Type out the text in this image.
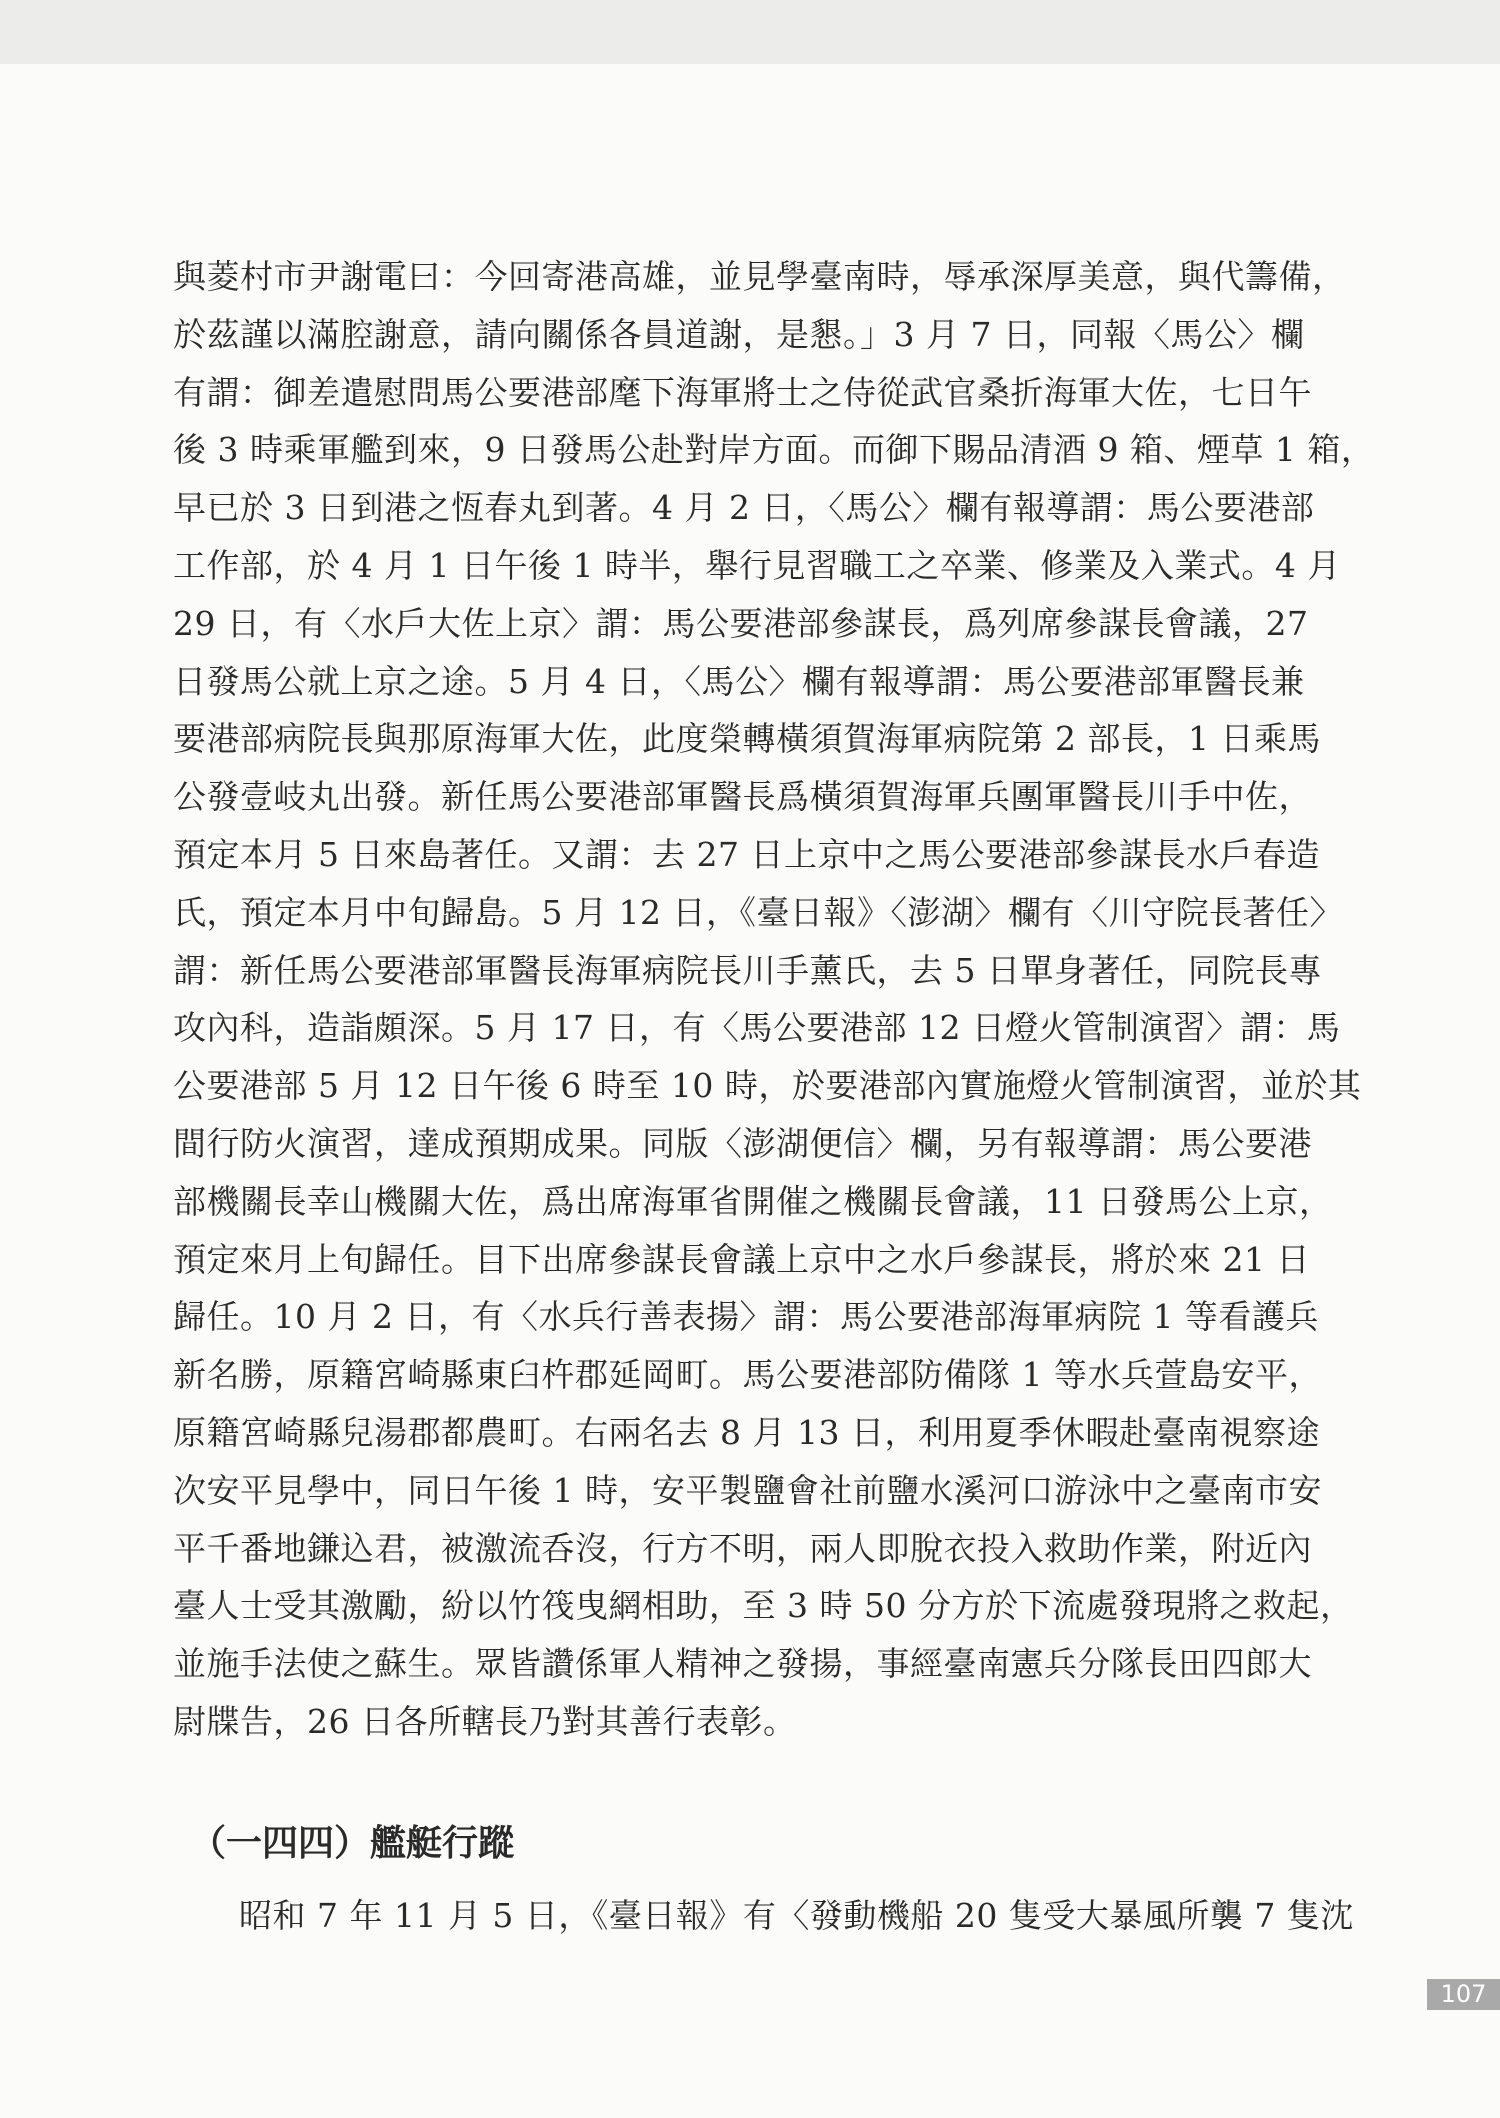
與菱村市尹謝電曰：今回寄港高雄，並見學臺南時，辱承深厚美意，與代籌備，
於茲謹以滿腔謝意，請向關係各員道謝，是懇。」3 月 7 日，同報〈馬公〉欄
有謂：御差遣慰問馬公要港部麾下海軍將士之侍從武官桑折海軍大佐，七日午
後 3 時乘軍艦到來，9 日發馬公赴對岸方面。而御下賜品清酒 9 箱、煙草 1 箱，
早已於 3 日到港之恆春丸到著。4 月 2 日，〈馬公〉欄有報導謂：馬公要港部
工作部，於 4 月 1 日午後 1 時半，舉行見習職工之卒業、修業及入業式。4 月
29 日，有〈水戶大佐上京〉謂：馬公要港部參謀長，爲列席參謀長會議，27
日發馬公就上京之途。5 月 4 日，〈馬公〉欄有報導謂：馬公要港部軍醫長兼
要港部病院長與那原海軍大佐，此度榮轉橫須賀海軍病院第 2 部長，1 日乘馬
公發壹岐丸出發。新任馬公要港部軍醫長爲橫須賀海軍兵團軍醫長川手中佐，
預定本月 5 日來島著任。又謂：去 27 日上京中之馬公要港部參謀長水戶春造
氏，預定本月中旬歸島。5 月 12 日，《臺日報》〈澎湖〉欄有〈川守院長著任〉
謂：新任馬公要港部軍醫長海軍病院長川手薰氏，去 5 日單身著任，同院長專
攻內科，造詣頗深。5 月 17 日，有〈馬公要港部 12 日燈火管制演習〉謂：馬
公要港部 5 月 12 日午後 6 時至 10 時，於要港部內實施燈火管制演習，並於其
間行防火演習，達成預期成果。同版〈澎湖便信〉欄，另有報導謂：馬公要港
部機關長幸山機關大佐，爲出席海軍省開催之機關長會議，11 日發馬公上京，
預定來月上旬歸任。目下出席參謀長會議上京中之水戶參謀長，將於來 21 日
歸任。10 月 2 日，有〈水兵行善表揚〉謂：馬公要港部海軍病院 1 等看護兵
新名勝，原籍宮崎縣東臼杵郡延岡町。馬公要港部防備隊 1 等水兵萱島安平，
原籍宮崎縣兒湯郡都農町。右兩名去 8 月 13 日，利用夏季休暇赴臺南視察途
次安平見學中，同日午後 1 時，安平製鹽會社前鹽水溪河口游泳中之臺南市安
平千番地鎌込君，被激流呑沒，行方不明，兩人即脫衣投入救助作業，附近內
臺人士受其激勵，紛以竹筏曳網相助，至 3 時 50 分方於下流處發現將之救起，
並施手法使之蘇生。眾皆讚係軍人精神之發揚，事經臺南憲兵分隊長田四郎大
尉牒告，26 日各所轄長乃對其善行表彰。
（一四四）艦艇行蹤
昭和 7 年 11 月 5 日，《臺日報》有〈發動機船 20 隻受大暴風所襲 7 隻沈
107
